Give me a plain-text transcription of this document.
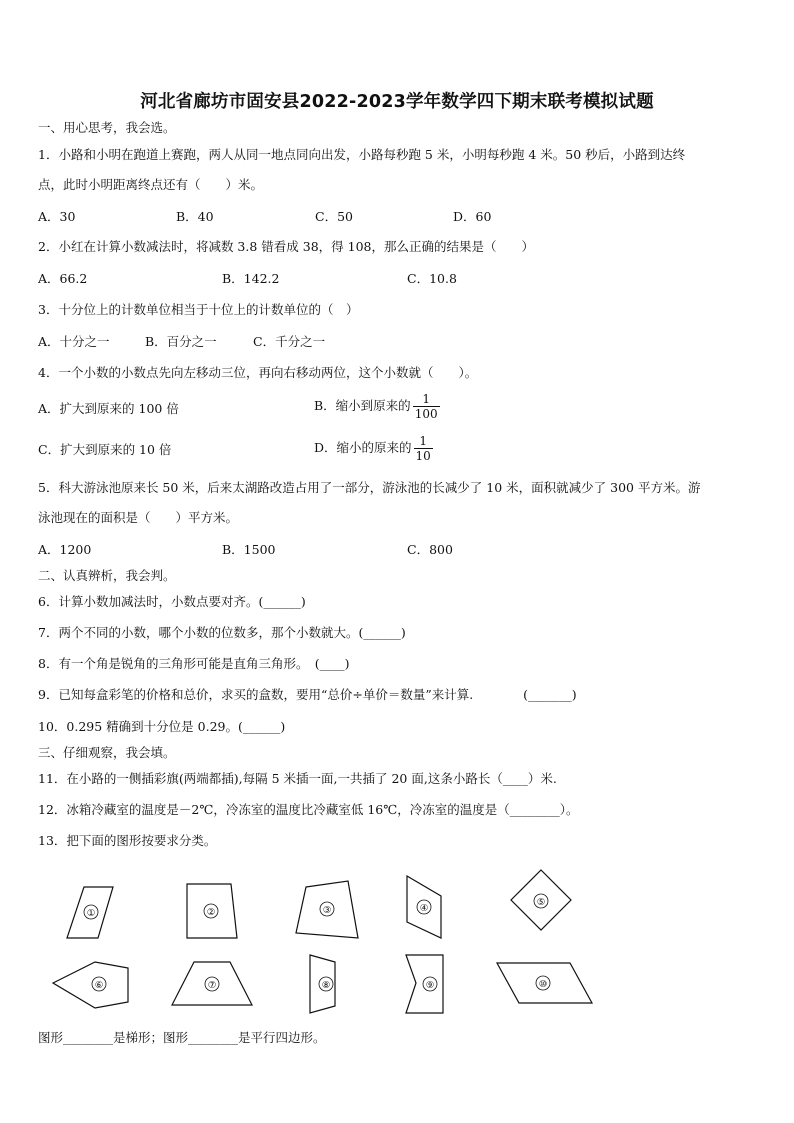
河北省廊坊市固安县2022-2023学年数学四下期末联考模拟试题
一、用心思考，我会选。
1．小路和小明在跑道上赛跑，两人从同一地点同向出发，小路每秒跑 5 米，小明每秒跑 4 米。50 秒后，小路到达终
点，此时小明距离终点还有（　　）米。
A．30	B．40	C．50	D．60
2．小红在计算小数减法时，将减数 3.8 错看成 38，得 108，那么正确的结果是（　　）
A．66.2	B．142.2	C．10.8
3．十分位上的计数单位相当于十位上的计数单位的（　）
A．十分之一	B．百分之一	C．千分之一
4．一个小数的小数点先向左移动三位，再向右移动两位，这个小数就（　　）。
A．扩大到原来的 100 倍	B．缩小到原来的 $\frac{1}{100}$
C．扩大到原来的 10 倍	D．缩小的原来的 $\frac{1}{10}$
5．科大游泳池原来长 50 米，后来太湖路改造占用了一部分，游泳池的长减少了 10 米，面积就减少了 300 平方米。游
泳池现在的面积是（　　）平方米。
A．1200	B．1500	C．800
二、认真辨析，我会判。
6．计算小数加减法时，小数点要对齐。(______)
7．两个不同的小数，哪个小数的位数多，那个小数就大。(______)
8．有一个角是锐角的三角形可能是直角三角形。　(____)
9．已知每盒彩笔的价格和总价，求买的盒数，要用“总价÷单价＝数量”来计算.　　　　(_______)
10．0.295 精确到十分位是 0.29。(______)
三、仔细观察，我会填。
11．在小路的一侧插彩旗(两端都插),每隔 5 米插一面,一共插了 20 面,这条小路长（____）米.
12．冰箱冷藏室的温度是－2℃，冷冻室的温度比冷藏室低 16℃，冷冻室的温度是（________）。
13．把下面的图形按要求分类。
①	②	③	④
⑤
⑥	⑦	⑧	⑨	⑩
图形________是梯形；图形________是平行四边形。
